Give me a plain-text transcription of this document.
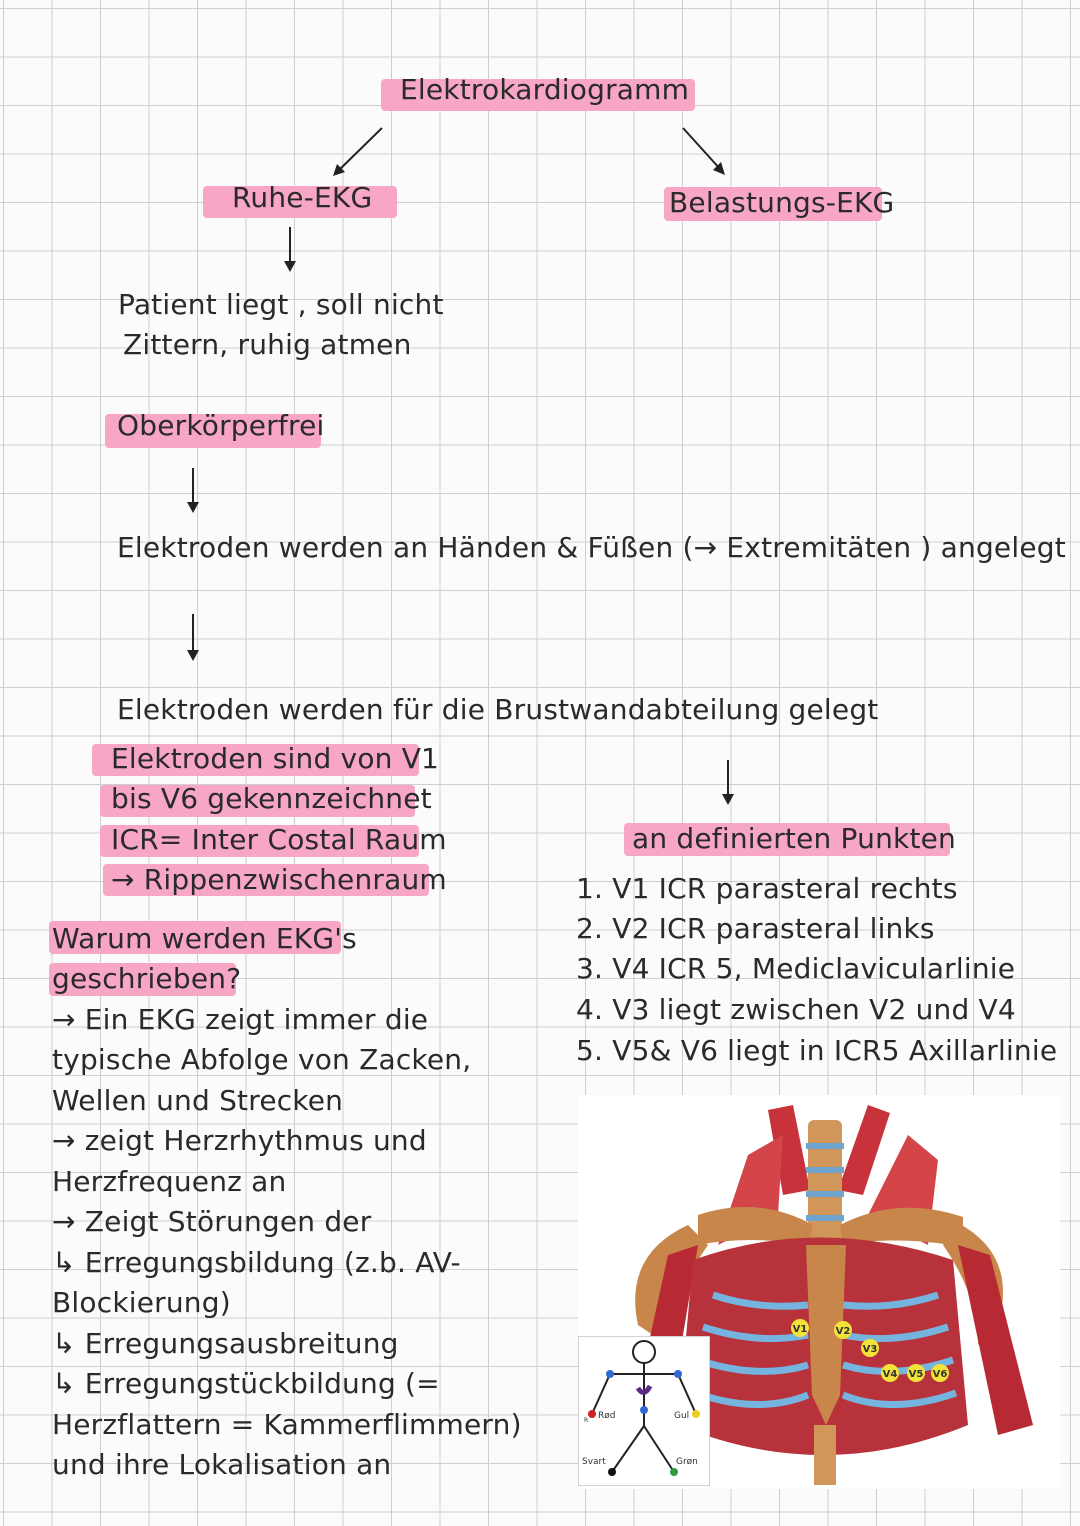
Elektrokardiogramm
Ruhe-EKG	Belastungs-EKG
Patient liegt , soll nicht
Zittern, ruhig atmen
Oberkörperfrei
Elektroden werden an Händen & Füßen (→ Extremitäten ) angelegt
Elektroden werden für die Brustwandabteilung gelegt
Elektroden sind von V1
bis V6 gekennzeichnet
ICR= Inter Costal Raum
→ Rippenzwischenraum
an definierten Punkten
1. V1 ICR parasteral rechts
2. V2 ICR parasteral links
3. V4 ICR 5, Mediclavicularlinie
4. V3 liegt zwischen V2 und V4
5. V5& V6 liegt in ICR5 Axillarlinie
Warum werden EKG's
geschrieben?
→ Ein EKG zeigt immer die
typische Abfolge von Zacken,
Wellen und Strecken
→ zeigt Herzrhythmus und
Herzfrequenz an
→ Zeigt Störungen der
↳ Erregungsbildung (z.b. AV-
Blockierung)
↳ Erregungsausbreitung
↳ Erregungstückbildung (=
Herzflattern = Kammerflimmern)
und ihre Lokalisation an
V1	V2
V3
V4 V5 V6
R Rød	Gul
Svart	Grøn
